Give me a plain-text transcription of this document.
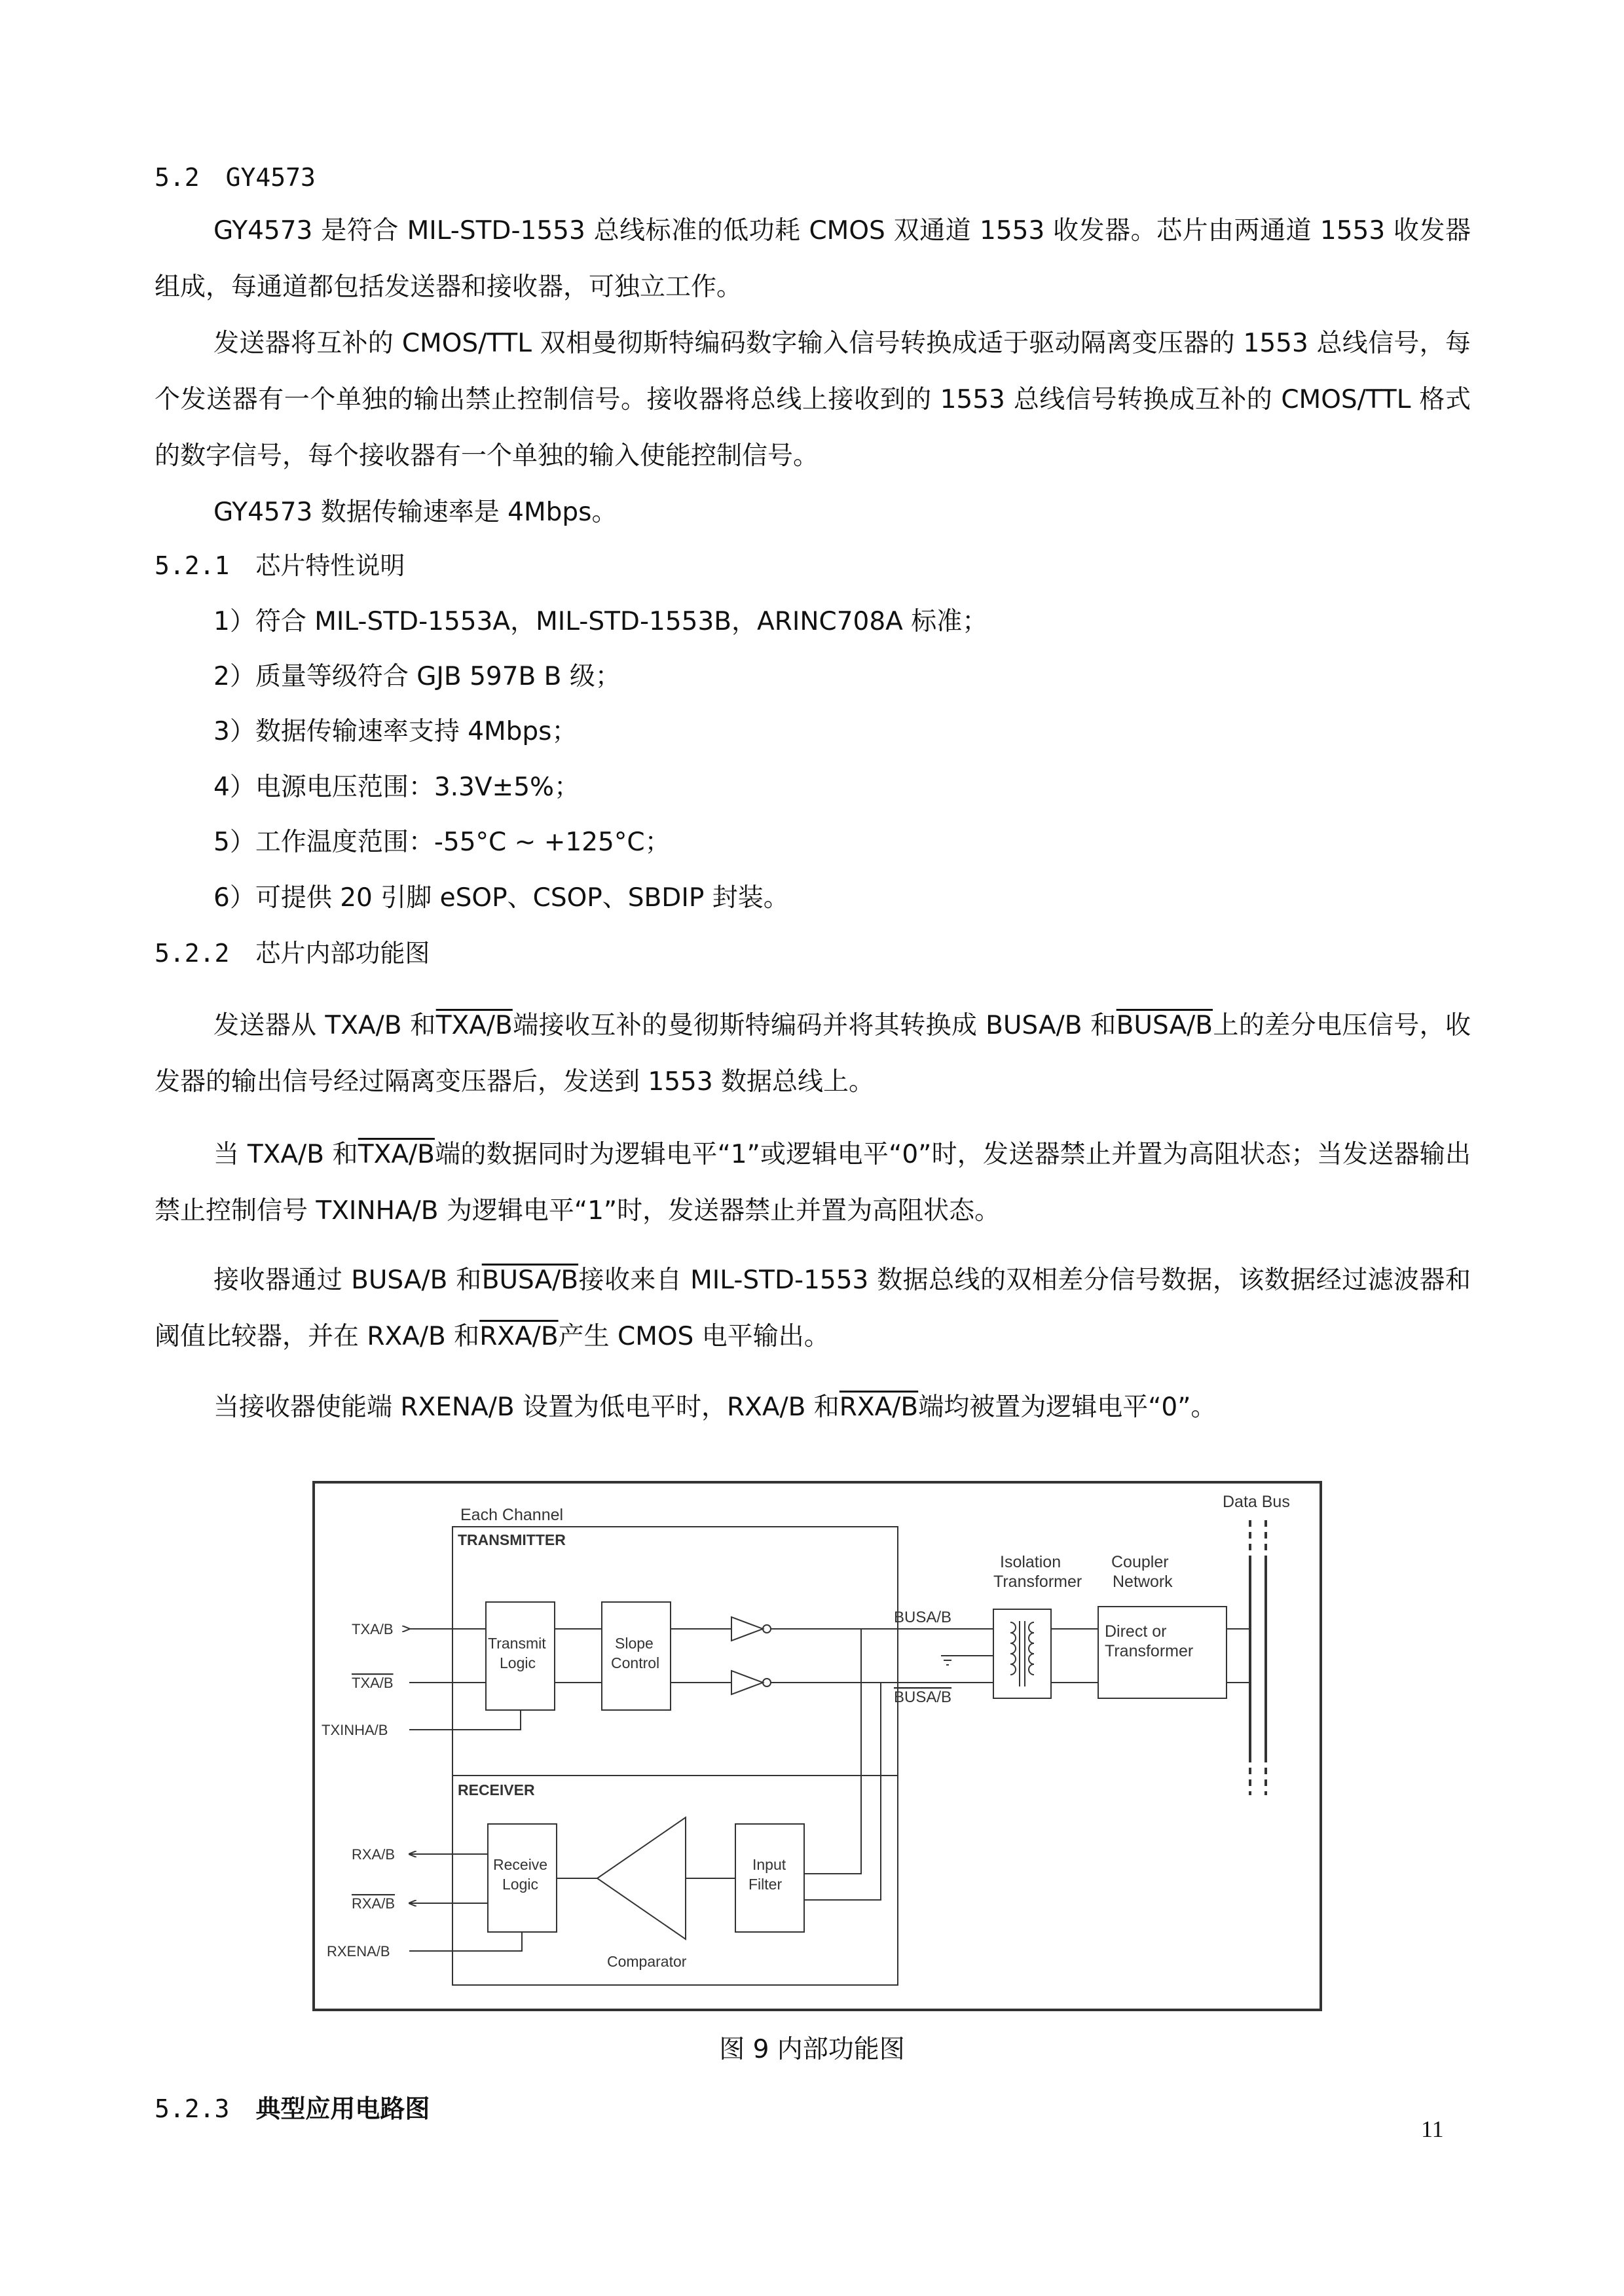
5.2 GY4573
GY4573 是符合 MIL-STD-1553 总线标准的低功耗 CMOS 双通道 1553 收发器。芯片由两通道 1553 收发器组成，每通道都包括发送器和接收器，可独立工作。
发送器将互补的 CMOS/TTL 双相曼彻斯特编码数字输入信号转换成适于驱动隔离变压器的 1553 总线信号，每个发送器有一个单独的输出禁止控制信号。接收器将总线上接收到的 1553 总线信号转换成互补的 CMOS/TTL 格式的数字信号，每个接收器有一个单独的输入使能控制信号。
GY4573 数据传输速率是 4Mbps。
5.2.1 芯片特性说明
1）符合 MIL-STD-1553A，MIL-STD-1553B，ARINC708A 标准；
2）质量等级符合 GJB 597B B 级；
3）数据传输速率支持 4Mbps；
4）电源电压范围：3.3V±5%；
5）工作温度范围：-55°C ~ +125°C；
6）可提供 20 引脚 eSOP、CSOP、SBDIP 封装。
5.2.2 芯片内部功能图
发送器从 TXA/B 和TXA/B端接收互补的曼彻斯特编码并将其转换成 BUSA/B 和BUSA/B上的差分电压信号，收发器的输出信号经过隔离变压器后，发送到 1553 数据总线上。
当 TXA/B 和TXA/B端的数据同时为逻辑电平“1”或逻辑电平“0”时，发送器禁止并置为高阻状态；当发送器输出禁止控制信号 TXINHA/B 为逻辑电平“1”时，发送器禁止并置为高阻状态。
接收器通过 BUSA/B 和BUSA/B接收来自 MIL-STD-1553 数据总线的双相差分信号数据，该数据经过滤波器和阈值比较器，并在 RXA/B 和RXA/B产生 CMOS 电平输出。
当接收器使能端 RXENA/B 设置为低电平时，RXA/B 和RXA/B端均被置为逻辑电平“0”。
Each Channel
Data Bus
Isolation
Transformer
Coupler
Network
Direct or
Transformer
BUSA/B
BUSA/B
Transmit
Logic
Slope
Control
Receive
Logic
Input
Filter
Comparator
TRANSMITTER
RECEIVER
TXA/B
TXA/B
TXINHA/B
RXA/B
RXA/B
RXENA/B
图 9 内部功能图
5.2.3 典型应用电路图
11
